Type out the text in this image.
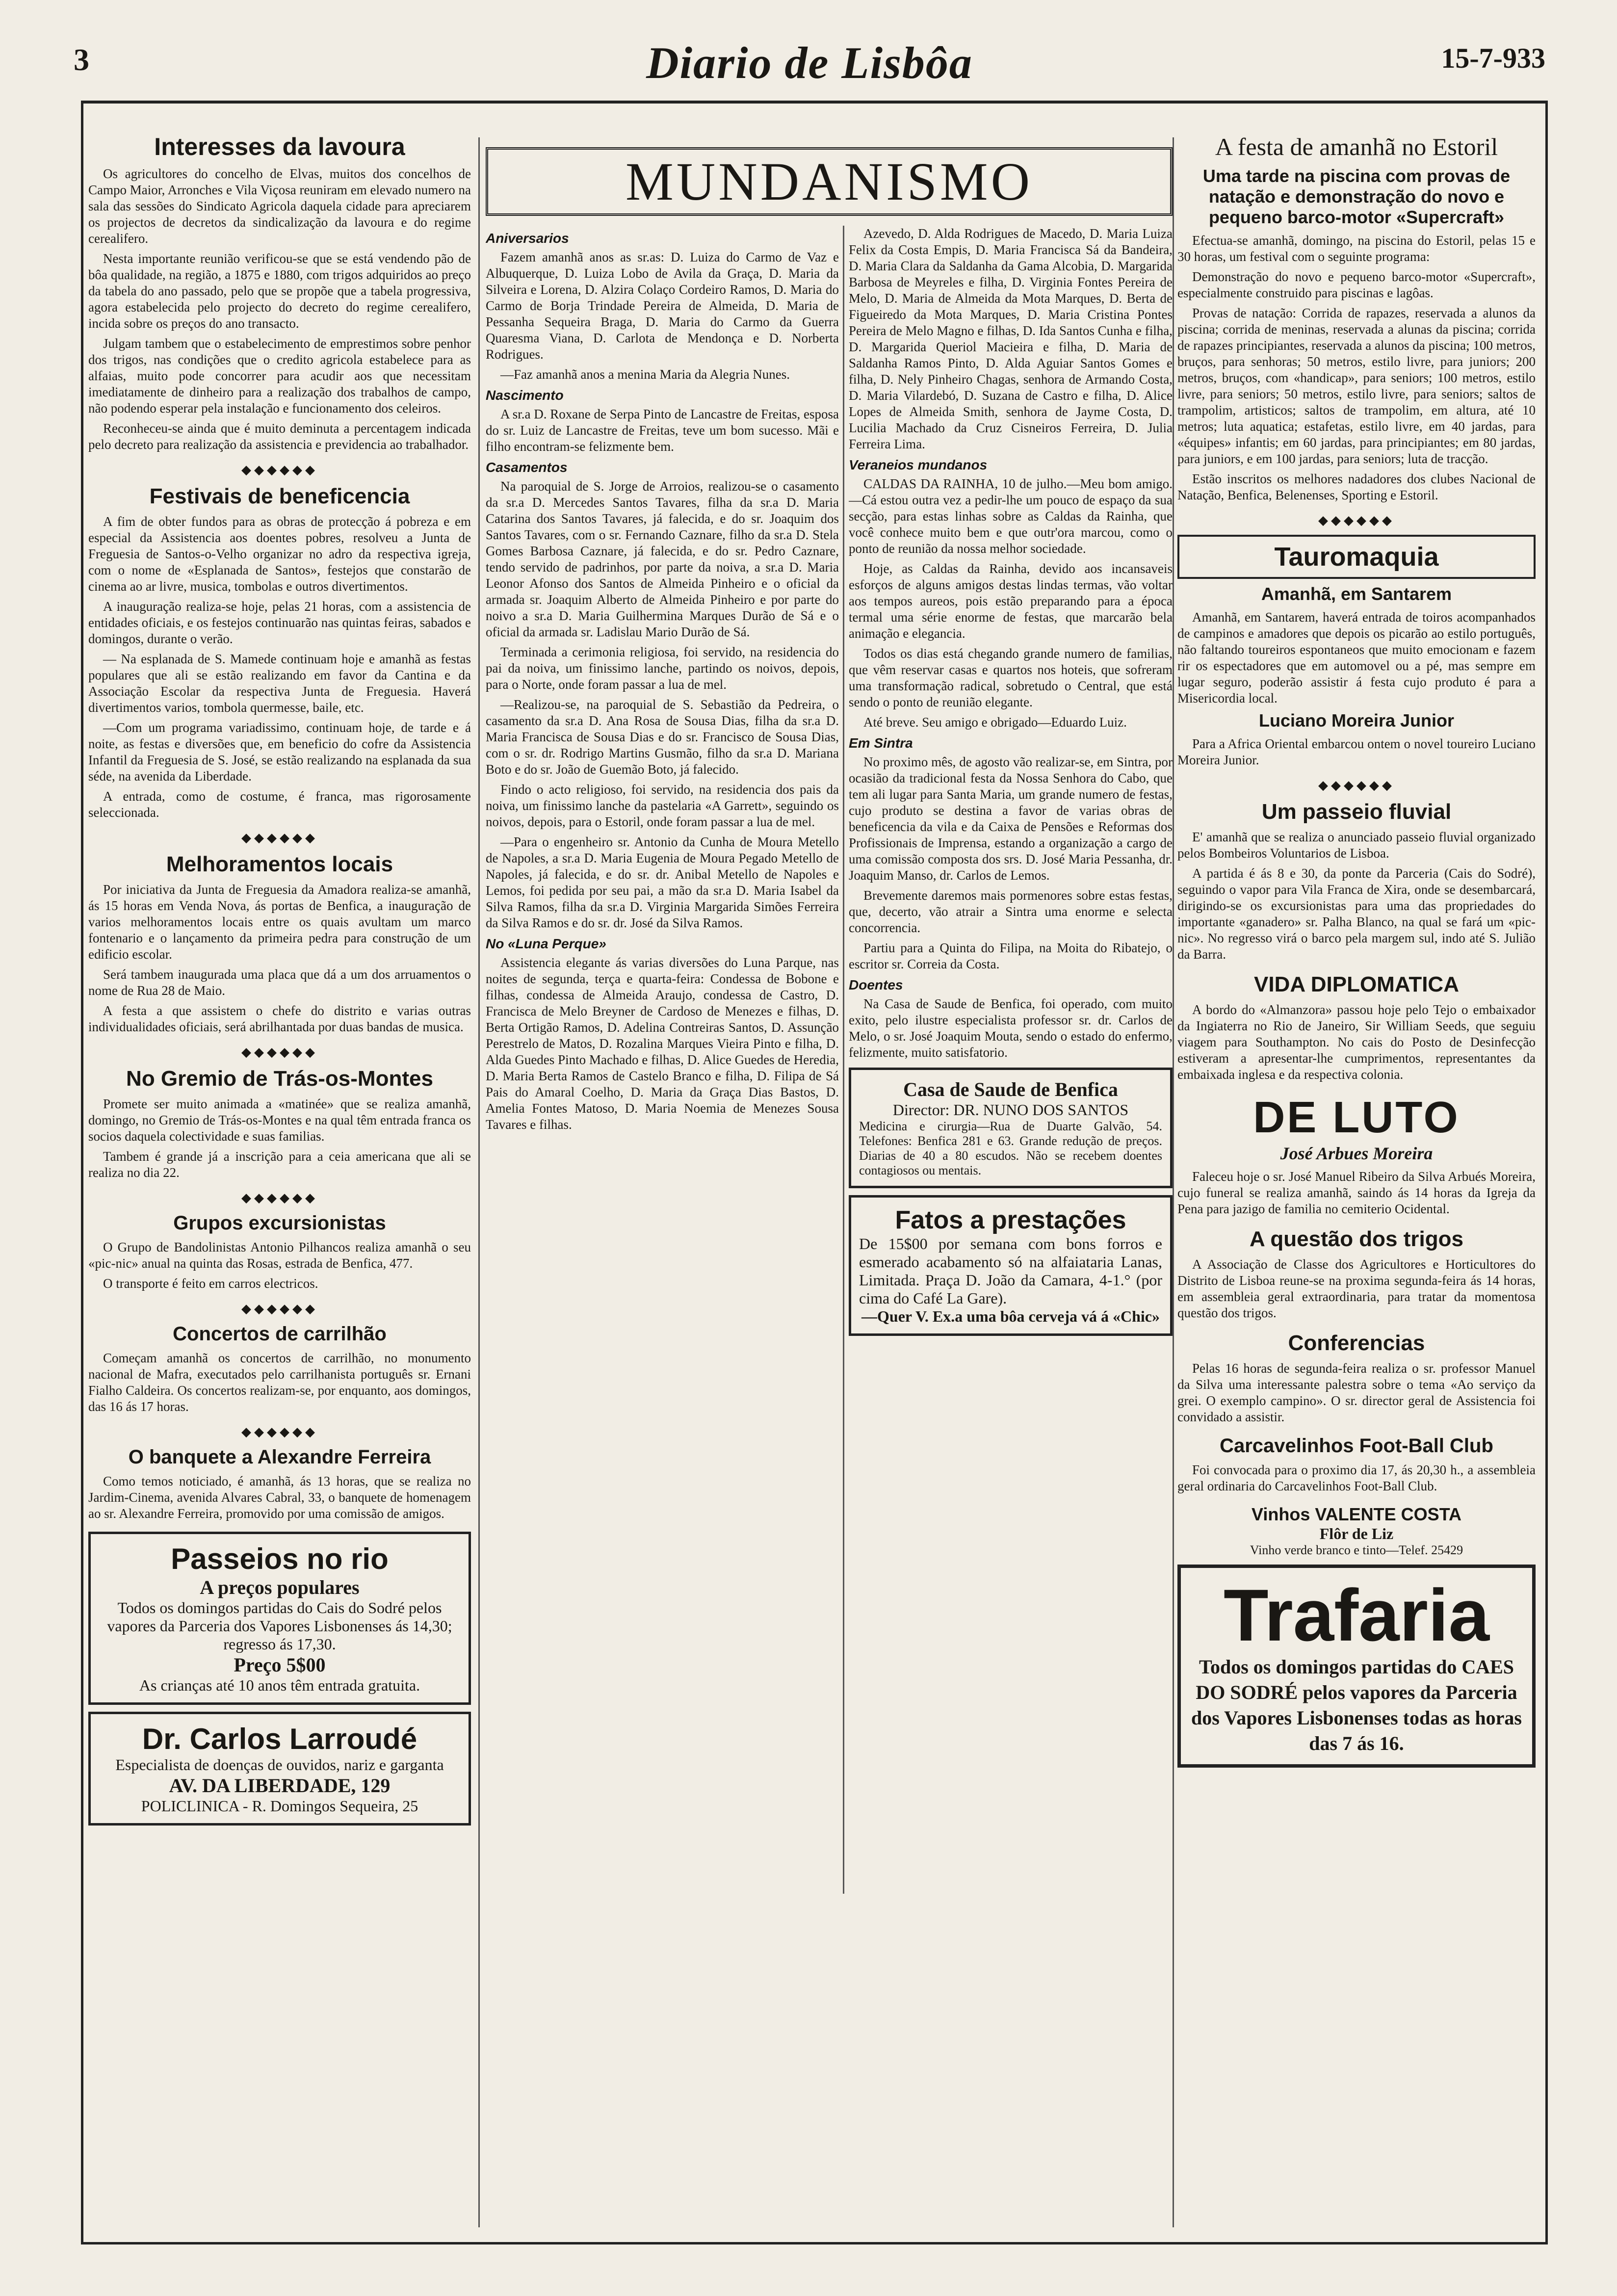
3	Diario de Lisbôa	15-7-933
Interesses da lavoura

Os agricultores do concelho de Elvas, muitos dos concelhos de Campo Maior, Arronches e Vila Viçosa reuniram em elevado numero na sala das sessões do Sindicato Agricola daquela cidade para apreciarem os projectos de decretos da sindicalização da lavoura e do regime cerealifero.

Nesta importante reunião verificou-se que se está vendendo pão de bôa qualidade, na região, a 1875 e 1880, com trigos adquiridos ao preço da tabela do ano passado, pelo que se propõe que a tabela progressiva, agora estabelecida pelo projecto do decreto do regime cerealifero, incida sobre os preços do ano transacto.

Julgam tambem que o estabelecimento de emprestimos sobre penhor dos trigos, nas condições que o credito agricola estabelece para as alfaias, muito pode concorrer para acudir aos que necessitam imediatamente de dinheiro para a realização dos trabalhos de campo, não podendo esperar pela instalação e funcionamento dos celeiros.

Reconheceu-se ainda que é muito deminuta a percentagem indicada pelo decreto para realização da assistencia e previdencia ao trabalhador.

◆◆◆◆◆◆
Festivais de beneficencia

A fim de obter fundos para as obras de protecção á pobreza e em especial da Assistencia aos doentes pobres, resolveu a Junta de Freguesia de Santos-o-Velho organizar no adro da respectiva igreja, com o nome de «Esplanada de Santos», festejos que constarão de cinema ao ar livre, musica, tombolas e outros divertimentos.

A inauguração realiza-se hoje, pelas 21 horas, com a assistencia de entidades oficiais, e os festejos continuarão nas quintas feiras, sabados e domingos, durante o verão.

— Na esplanada de S. Mamede continuam hoje e amanhã as festas populares que ali se estão realizando em favor da Cantina e da Associação Escolar da respectiva Junta de Freguesia. Haverá divertimentos varios, tombola quermesse, baile, etc.

—Com um programa variadissimo, continuam hoje, de tarde e á noite, as festas e diversões que, em beneficio do cofre da Assistencia Infantil da Freguesia de S. José, se estão realizando na esplanada da sua séde, na avenida da Liberdade.

A entrada, como de costume, é franca, mas rigorosamente seleccionada.

◆◆◆◆◆◆
Melhoramentos locais

Por iniciativa da Junta de Freguesia da Amadora realiza-se amanhã, ás 15 horas em Venda Nova, ás portas de Benfica, a inauguração de varios melhoramentos locais entre os quais avultam um marco fontenario e o lançamento da primeira pedra para construção de um edificio escolar.

Será tambem inaugurada uma placa que dá a um dos arruamentos o nome de Rua 28 de Maio.

A festa a que assistem o chefe do distrito e varias outras individualidades oficiais, será abrilhantada por duas bandas de musica.

◆◆◆◆◆◆
No Gremio de Trás-os-Montes

Promete ser muito animada a «matinée» que se realiza amanhã, domingo, no Gremio de Trás-os-Montes e na qual têm entrada franca os socios daquela colectividade e suas familias.

Tambem é grande já a inscrição para a ceia americana que ali se realiza no dia 22.

◆◆◆◆◆◆
Grupos excursionistas

O Grupo de Bandolinistas Antonio Pilhancos realiza amanhã o seu «pic-nic» anual na quinta das Rosas, estrada de Benfica, 477.

O transporte é feito em carros electricos.

◆◆◆◆◆◆
Concertos de carrilhão

Começam amanhã os concertos de carrilhão, no monumento nacional de Mafra, executados pelo carrilhanista português sr. Ernani Fialho Caldeira. Os concertos realizam-se, por enquanto, aos domingos, das 16 ás 17 horas.

◆◆◆◆◆◆
O banquete a Alexandre Ferreira

Como temos noticiado, é amanhã, ás 13 horas, que se realiza no Jardim-Cinema, avenida Alvares Cabral, 33, o banquete de homenagem ao sr. Alexandre Ferreira, promovido por uma comissão de amigos.

Passeios no rio
A preços populares
Todos os domingos partidas do Cais do Sodré pelos vapores da Parceria dos Vapores Lisbonenses ás 14,30; regresso ás 17,30.
Preço 5$00
As crianças até 10 anos têm entrada gratuita.
Dr. Carlos Larroudé
Especialista de doenças de ouvidos, nariz e garganta
AV. DA LIBERDADE, 129
POLICLINICA - R. Domingos Sequeira, 25
MUNDANISMO
Aniversarios

Fazem amanhã anos as sr.as: D. Luiza do Carmo de Vaz e Albuquerque, D. Luiza Lobo de Avila da Graça, D. Maria da Silveira e Lorena, D. Alzira Colaço Cordeiro Ramos, D. Maria do Carmo de Borja Trindade Pereira de Almeida, D. Maria de Pessanha Sequeira Braga, D. Maria do Carmo da Guerra Quaresma Viana, D. Carlota de Mendonça e D. Norberta Rodrigues.

—Faz amanhã anos a menina Maria da Alegria Nunes.

Nascimento

A sr.a D. Roxane de Serpa Pinto de Lancastre de Freitas, esposa do sr. Luiz de Lancastre de Freitas, teve um bom sucesso. Mãi e filho encontram-se felizmente bem.

Casamentos

Na paroquial de S. Jorge de Arroios, realizou-se o casamento da sr.a D. Mercedes Santos Tavares, filha da sr.a D. Maria Catarina dos Santos Tavares, já falecida, e do sr. Joaquim dos Santos Tavares, com o sr. Fernando Caznare, filho da sr.a D. Stela Gomes Barbosa Caznare, já falecida, e do sr. Pedro Caznare, tendo servido de padrinhos, por parte da noiva, a sr.a D. Maria Leonor Afonso dos Santos de Almeida Pinheiro e o oficial da armada sr. Joaquim Alberto de Almeida Pinheiro e por parte do noivo a sr.a D. Maria Guilhermina Marques Durão de Sá e o oficial da armada sr. Ladislau Mario Durão de Sá.

Terminada a cerimonia religiosa, foi servido, na residencia do pai da noiva, um finissimo lanche, partindo os noivos, depois, para o Norte, onde foram passar a lua de mel.

—Realizou-se, na paroquial de S. Sebastião da Pedreira, o casamento da sr.a D. Ana Rosa de Sousa Dias, filha da sr.a D. Maria Francisca de Sousa Dias e do sr. Francisco de Sousa Dias, com o sr. dr. Rodrigo Martins Gusmão, filho da sr.a D. Mariana Boto e do sr. João de Guemão Boto, já falecido.

Findo o acto religioso, foi servido, na residencia dos pais da noiva, um finissimo lanche da pastelaria «A Garrett», seguindo os noivos, depois, para o Estoril, onde foram passar a lua de mel.

—Para o engenheiro sr. Antonio da Cunha de Moura Metello de Napoles, a sr.a D. Maria Eugenia de Moura Pegado Metello de Napoles, já falecida, e do sr. dr. Anibal Metello de Napoles e Lemos, foi pedida por seu pai, a mão da sr.a D. Maria Isabel da Silva Ramos, filha da sr.a D. Virginia Margarida Simões Ferreira da Silva Ramos e do sr. dr. José da Silva Ramos.

No «Luna Perque»

Assistencia elegante ás varias diversões do Luna Parque, nas noites de segunda, terça e quarta-feira: Condessa de Bobone e filhas, condessa de Almeida Araujo, condessa de Castro, D. Francisca de Melo Breyner de Cardoso de Menezes e filhas, D. Berta Ortigão Ramos, D. Adelina Contreiras Santos, D. Assunção Perestrelo de Matos, D. Rozalina Marques Vieira Pinto e filha, D. Alda Guedes Pinto Machado e filhas, D. Alice Guedes de Heredia, D. Maria Berta Ramos de Castelo Branco e filha, D. Filipa de Sá Pais do Amaral Coelho, D. Maria da Graça Dias Bastos, D. Amelia Fontes Matoso, D. Maria Noemia de Menezes Sousa Tavares e filhas.

Azevedo, D. Alda Rodrigues de Macedo, D. Maria Luiza Felix da Costa Empis, D. Maria Francisca Sá da Bandeira, D. Maria Clara da Saldanha da Gama Alcobia, D. Margarida Barbosa de Meyreles e filha, D. Virginia Fontes Pereira de Melo, D. Maria de Almeida da Mota Marques, D. Berta de Figueiredo da Mota Marques, D. Maria Cristina Pontes Pereira de Melo Magno e filhas, D. Ida Santos Cunha e filha, D. Margarida Queriol Macieira e filha, D. Maria de Saldanha Ramos Pinto, D. Alda Aguiar Santos Gomes e filha, D. Nely Pinheiro Chagas, senhora de Armando Costa, D. Maria Vilardebó, D. Suzana de Castro e filha, D. Alice Lopes de Almeida Smith, senhora de Jayme Costa, D. Lucilia Machado da Cruz Cisneiros Ferreira, D. Julia Ferreira Lima.

Veraneios mundanos

CALDAS DA RAINHA, 10 de julho.—Meu bom amigo.—Cá estou outra vez a pedir-lhe um pouco de espaço da sua secção, para estas linhas sobre as Caldas da Rainha, que você conhece muito bem e que outr'ora marcou, como o ponto de reunião da nossa melhor sociedade.

Hoje, as Caldas da Rainha, devido aos incansaveis esforços de alguns amigos destas lindas termas, vão voltar aos tempos aureos, pois estão preparando para a época termal uma série enorme de festas, que marcarão bela animação e elegancia.

Todos os dias está chegando grande numero de familias, que vêm reservar casas e quartos nos hoteis, que sofreram uma transformação radical, sobretudo o Central, que está sendo o ponto de reunião elegante.

Até breve. Seu amigo e obrigado—Eduardo Luiz.

Em Sintra

No proximo mês, de agosto vão realizar-se, em Sintra, por ocasião da tradicional festa da Nossa Senhora do Cabo, que tem ali lugar para Santa Maria, um grande numero de festas, cujo produto se destina a favor de varias obras de beneficencia da vila e da Caixa de Pensões e Reformas dos Profissionais de Imprensa, estando a organização a cargo de uma comissão composta dos srs. D. José Maria Pessanha, dr. Joaquim Manso, dr. Carlos de Lemos.

Brevemente daremos mais pormenores sobre estas festas, que, decerto, vão atrair a Sintra uma enorme e selecta concorrencia.

Partiu para a Quinta do Filipa, na Moita do Ribatejo, o escritor sr. Correia da Costa.

Doentes

Na Casa de Saude de Benfica, foi operado, com muito exito, pelo ilustre especialista professor sr. dr. Carlos de Melo, o sr. José Joaquim Mouta, sendo o estado do enfermo, felizmente, muito satisfatorio.

Casa de Saude de Benfica
Director: DR. NUNO DOS SANTOS
Medicina e cirurgia—Rua de Duarte Galvão, 54. Telefones: Benfica 281 e 63. Grande redução de preços. Diarias de 40 a 80 escudos. Não se recebem doentes contagiosos ou mentais.
Fatos a prestações
De 15$00 por semana com bons forros e esmerado acabamento só na alfaiataria Lanas, Limitada. Praça D. João da Camara, 4-1.° (por cima do Café La Gare).
—Quer V. Ex.a uma bôa cerveja vá á «Chic»
A festa de amanhã no Estoril
Uma tarde na piscina com provas de natação e demonstração do novo e pequeno barco-motor «Supercraft»

Efectua-se amanhã, domingo, na piscina do Estoril, pelas 15 e 30 horas, um festival com o seguinte programa:

Demonstração do novo e pequeno barco-motor «Supercraft», especialmente construido para piscinas e lagôas.

Provas de natação: Corrida de rapazes, reservada a alunos da piscina; corrida de meninas, reservada a alunas da piscina; corrida de rapazes principiantes, reservada a alunos da piscina; 100 metros, bruços, para senhoras; 50 metros, estilo livre, para juniors; 200 metros, bruços, com «handicap», para seniors; 100 metros, estilo livre, para seniors; 50 metros, estilo livre, para seniors; saltos de trampolim, artisticos; saltos de trampolim, em altura, até 10 metros; luta aquatica; estafetas, estilo livre, em 40 jardas, para «équipes» infantis; em 60 jardas, para principiantes; em 80 jardas, para juniors, e em 100 jardas, para seniors; luta de tracção.

Estão inscritos os melhores nadadores dos clubes Nacional de Natação, Benfica, Belenenses, Sporting e Estoril.

◆◆◆◆◆◆
Tauromaquia
Amanhã, em Santarem

Amanhã, em Santarem, haverá entrada de toiros acompanhados de campinos e amadores que depois os picarão ao estilo português, não faltando toureiros espontaneos que muito emocionam e fazem rir os espectadores que em automovel ou a pé, mas sempre em lugar seguro, poderão assistir á festa cujo produto é para a Misericordia local.

Luciano Moreira Junior

Para a Africa Oriental embarcou ontem o novel toureiro Luciano Moreira Junior.

◆◆◆◆◆◆
Um passeio fluvial

E' amanhã que se realiza o anunciado passeio fluvial organizado pelos Bombeiros Voluntarios de Lisboa.

A partida é ás 8 e 30, da ponte da Parceria (Cais do Sodré), seguindo o vapor para Vila Franca de Xira, onde se desembarcará, dirigindo-se os excursionistas para uma das propriedades do importante «ganadero» sr. Palha Blanco, na qual se fará um «pic-nic». No regresso virá o barco pela margem sul, indo até S. Julião da Barra.

VIDA DIPLOMATICA

A bordo do «Almanzora» passou hoje pelo Tejo o embaixador da Ingiaterra no Rio de Janeiro, Sir William Seeds, que seguiu viagem para Southampton. No cais do Posto de Desinfecção estiveram a apresentar-lhe cumprimentos, representantes da embaixada inglesa e da respectiva colonia.

DE LUTO
José Arbues Moreira

Faleceu hoje o sr. José Manuel Ribeiro da Silva Arbués Moreira, cujo funeral se realiza amanhã, saindo ás 14 horas da Igreja da Pena para jazigo de familia no cemiterio Ocidental.

A questão dos trigos

A Associação de Classe dos Agricultores e Horticultores do Distrito de Lisboa reune-se na proxima segunda-feira ás 14 horas, em assembleia geral extraordinaria, para tratar da momentosa questão dos trigos.

Conferencias

Pelas 16 horas de segunda-feira realiza o sr. professor Manuel da Silva uma interessante palestra sobre o tema «Ao serviço da grei. O exemplo campino». O sr. director geral de Assistencia foi convidado a assistir.

Carcavelinhos Foot-Ball Club

Foi convocada para o proximo dia 17, ás 20,30 h., a assembleia geral ordinaria do Carcavelinhos Foot-Ball Club.

Vinhos VALENTE COSTA
Flôr de Liz
Vinho verde branco e tinto—Telef. 25429
Trafaria
Todos os domingos partidas do CAES DO SODRÉ pelos vapores da Parceria dos Vapores Lisbonenses todas as horas das 7 ás 16.
